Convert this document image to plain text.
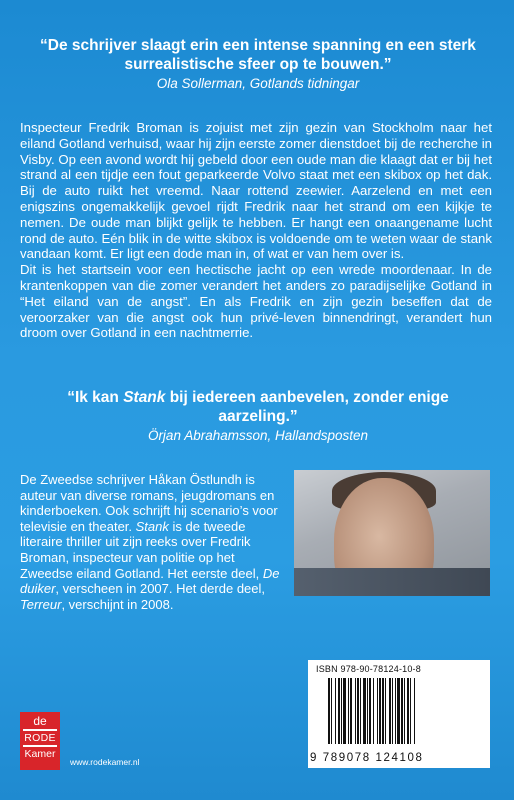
“De schrijver slaagt erin een intense spanning en een sterk surrealistische sfeer op te bouwen.”
Ola Sollerman, Gotlands tidningar

Inspecteur Fredrik Broman is zojuist met zijn gezin van Stockholm naar het eiland Gotland verhuisd, waar hij zijn eerste zomer dienstdoet bij de recherche in Visby. Op een avond wordt hij gebeld door een oude man die klaagt dat er bij het strand al een tijdje een fout geparkeerde Volvo staat met een skibox op het dak. Bij de auto ruikt het vreemd. Naar rottend zeewier. Aarzelend en met een enigszins ongemakkelijk gevoel rijdt Fredrik naar het strand om een kijkje te nemen. De oude man blijkt gelijk te hebben. Er hangt een onaangename lucht rond de auto. Eén blik in de witte skibox is voldoende om te weten waar de stank vandaan komt. Er ligt een dode man in, of wat er van hem over is.

Dit is het startsein voor een hectische jacht op een wrede moordenaar. In de krantenkoppen van die zomer verandert het anders zo paradijselijke Gotland in “Het eiland van de angst”. En als Fredrik en zijn gezin beseffen dat de veroorzaker van die angst ook hun privé-leven binnendringt, verandert hun droom over Gotland in een nachtmerrie.

“Ik kan Stank bij iedereen aanbevelen, zonder enige aarzeling.”
Örjan Abrahamsson, Hallandsposten
De Zweedse schrijver Håkan Östlundh is auteur van diverse romans, jeugdromans en kinderboeken. Ook schrijft hij scenario’s voor televisie en theater. Stank is de tweede literaire thriller uit zijn reeks over Fredrik Broman, inspecteur van politie op het Zweedse eiland Gotland. Het eerste deel, De duiker, verscheen in 2007. Het derde deel, Terreur, verschijnt in 2008.
ISBN 978-90-78124-10-8
9 789078 124108
de
RODE
Kamer
www.rodekamer.nl
